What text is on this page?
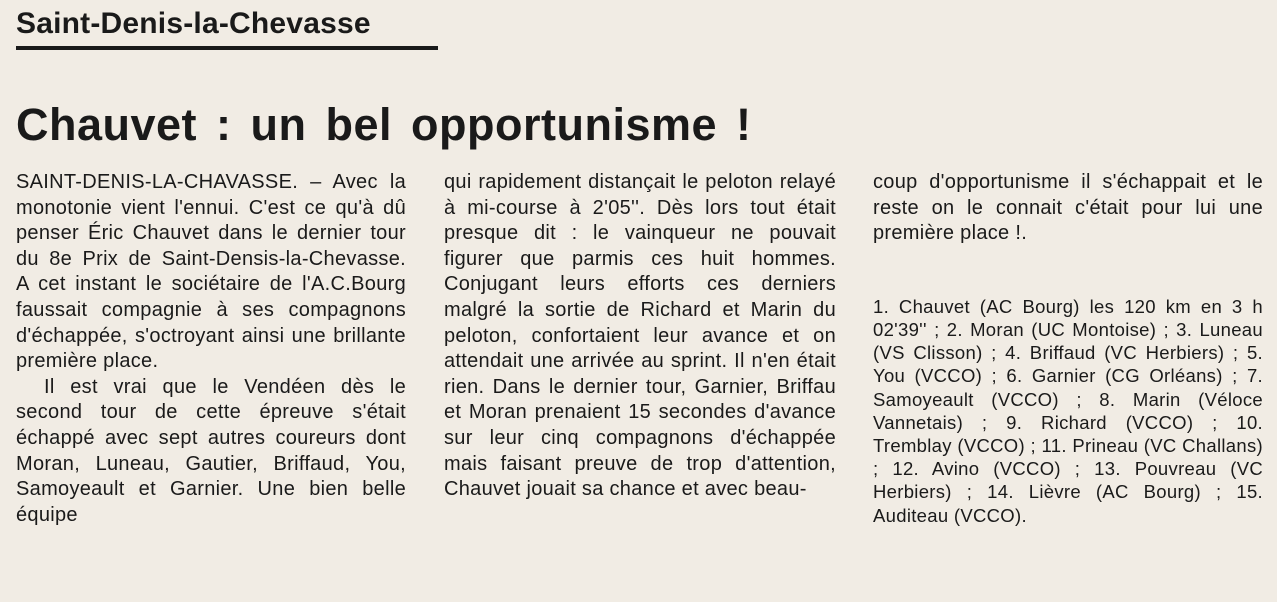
Saint-Denis-la-Chevasse
Chauvet : un bel opportunisme !

SAINT-DENIS-LA-CHAVASSE. – Avec la monotonie vient l'ennui. C'est ce qu'à dû penser Éric Chauvet dans le dernier tour du 8e Prix de Saint-Densis-la-Chevasse. A cet instant le sociétaire de l'A.C.Bourg faussait compagnie à ses compagnons d'échappée, s'octroyant ainsi une brillante première place.

Il est vrai que le Vendéen dès le second tour de cette épreuve s'était échappé avec sept autres coureurs dont Moran, Luneau, Gautier, Briffaud, You, Samoyeault et Garnier. Une bien belle équipe

qui rapidement distançait le peloton relayé à mi-course à 2'05''. Dès lors tout était presque dit : le vainqueur ne pouvait figurer que parmis ces huit hommes. Conjugant leurs efforts ces derniers malgré la sortie de Richard et Marin du peloton, confortaient leur avance et on attendait une arrivée au sprint. Il n'en était rien. Dans le dernier tour, Garnier, Briffau et Moran prenaient 15 secondes d'avance sur leur cinq compagnons d'échappée mais faisant preuve de trop d'attention, Chauvet jouait sa chance et avec beau-

coup d'opportunisme il s'échappait et le reste on le connait c'était pour lui une première place !.

1. Chauvet (AC Bourg) les 120 km en 3 h 02'39'' ; 2. Moran (UC Montoise) ; 3. Luneau (VS Clisson) ; 4. Briffaud (VC Herbiers) ; 5. You (VCCO) ; 6. Garnier (CG Orléans) ; 7. Samoyeault (VCCO) ; 8. Marin (Véloce Vannetais) ; 9. Richard (VCCO) ; 10. Tremblay (VCCO) ; 11. Prineau (VC Challans) ; 12. Avino (VCCO) ; 13. Pouvreau (VC Herbiers) ; 14. Lièvre (AC Bourg) ; 15. Auditeau (VCCO).
